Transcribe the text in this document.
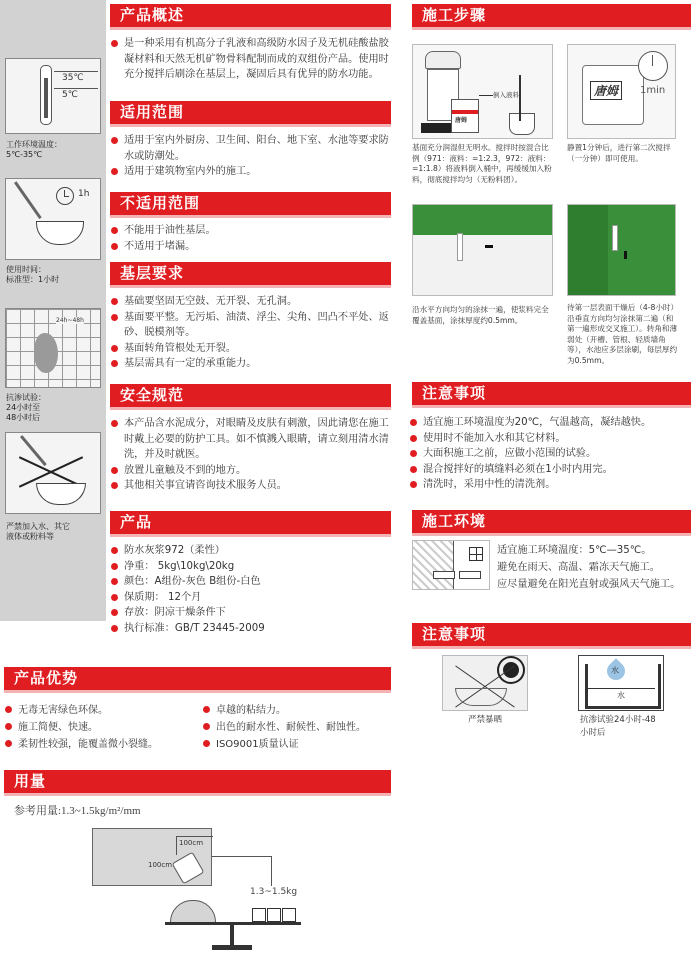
35℃
5℃
工作环境温度：
5℃-35℃
1h
使用时间：
标准型：1小时
24h~48h
抗渗试验：
24小时至
48小时后
严禁加入水、其它
液体或粉料等
产品概述
是一种采用有机高分子乳液和高级防水因子及无机硅酸盐胶凝材料和天然无机矿物骨料配制而成的双组份产品。使用时充分搅拌后刷涂在基层上，凝固后具有优异的防水功能。
适用范围
适用于室内外厨房、卫生间、阳台、地下室、水池等要求防水或防潮处。
适用于建筑物室内外的施工。
不适用范围
不能用于油性基层。
不适用于堵漏。
基层要求
基础要坚固无空鼓、无开裂、无孔洞。
基面要平整。无污垢、油渍、浮尘、尖角、凹凸不平处、返砂、脱模剂等。
基面转角管根处无开裂。
基层需具有一定的承重能力。
安全规范
本产品含水泥成分，对眼睛及皮肤有刺激，因此请您在施工时戴上必要的防护工具。如不慎溅入眼睛，请立刻用清水清洗，并及时就医。
放置儿童触及不到的地方。
其他相关事宜请咨询技术服务人员。
产品
防水灰浆972（柔性）
净重： 5kg\10kg\20kg
颜色：A组份-灰色 B组份-白色
保质期： 12个月
存放：阴凉干燥条件下
执行标准：GB/T 23445-2009
施工步骤
唐姆
倒入液料
基面充分润湿但无明水。搅拌时按混合比例（971：液料：=1:2.3，972：液料：=1:1.8）将液料倒入桶中，再缓缓加入粉料，彻底搅拌均匀（无粉料团）。
唐姆	1min
静置1分钟后，进行第二次搅拌（一分钟）即可使用。
沿水平方向均匀的涂抹一遍，使浆料完全覆盖基面，涂抹厚度约0.5mm。
待第一层表面干燥后（4-8小时）沿垂直方向均匀涂抹第二遍（和第一遍形成交叉施工）。转角和薄弱处（开槽、管根、轻质墙角等），水池应多层涂刷，每层厚约为0.5mm。
注意事项
适宜施工环境温度为20℃，气温越高，凝结越快。
使用时不能加入水和其它材料。
大面积施工之前，应做小范围的试验。
混合搅拌好的填缝料必须在1小时内用完。
清洗时，采用中性的清洗剂。
施工环境
适宜施工环境温度：5℃—35℃。
避免在雨天、高温、霜冻天气施工。
应尽量避免在阳光直射或强风天气施工。
注意事项
严禁暴晒
水
水
抗渗试验24小时-48
小时后
产品优势
无毒无害绿色环保。
施工简便、快速。
柔韧性较强，能覆盖微小裂缝。
卓越的粘结力。
出色的耐水性、耐候性、耐蚀性。
ISO9001质量认证
用量
参考用量:1.3~1.5kg/m²/mm
100cm
100cm
1.3~1.5kg
